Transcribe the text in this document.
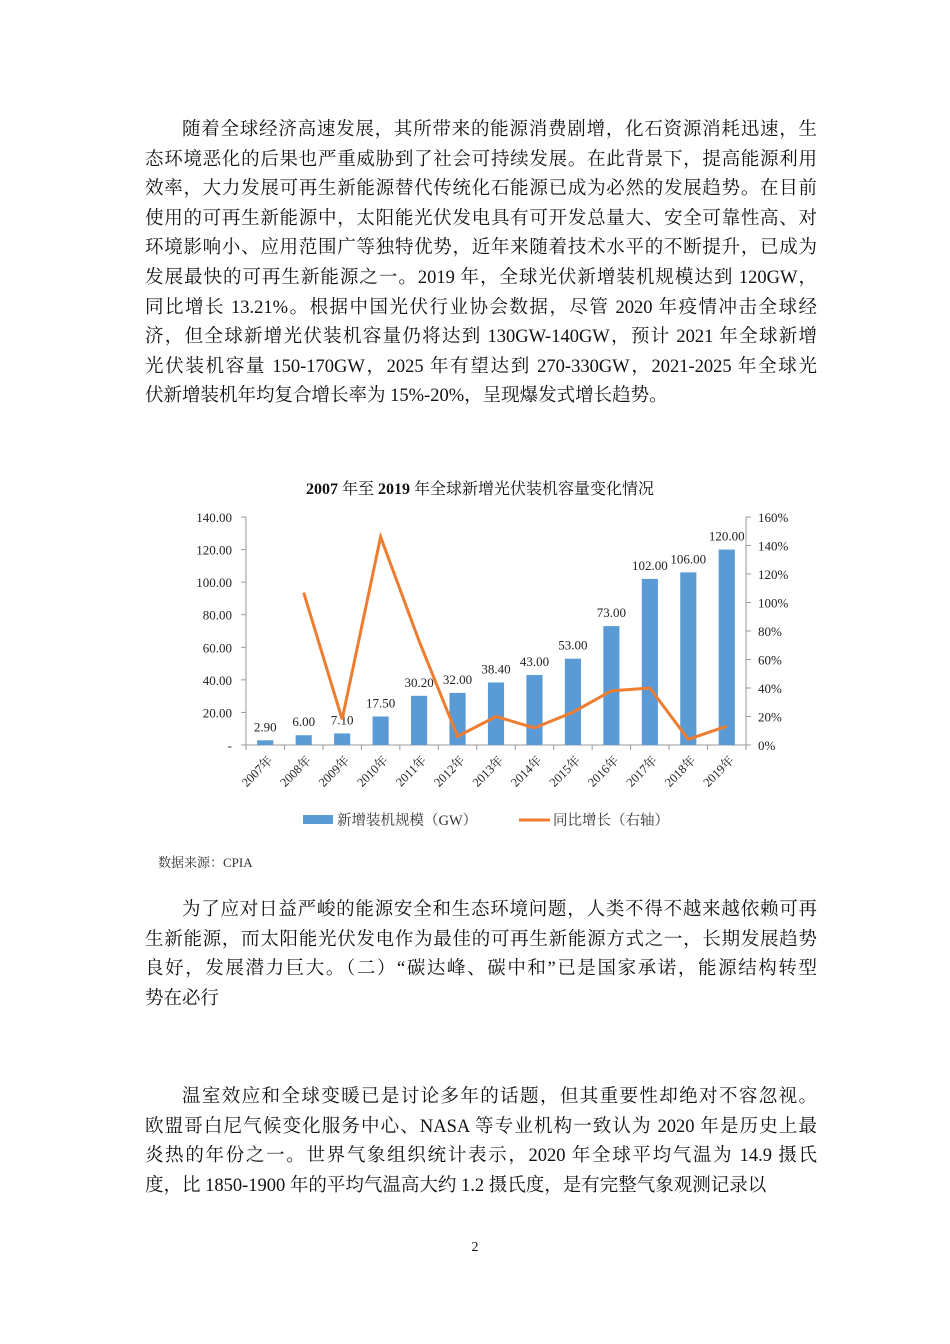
随着全球经济高速发展，其所带来的能源消费剧增，化石资源消耗迅速，生
态环境恶化的后果也严重威胁到了社会可持续发展。在此背景下，提高能源利用
效率，大力发展可再生新能源替代传统化石能源已成为必然的发展趋势。在目前
使用的可再生新能源中，太阳能光伏发电具有可开发总量大、安全可靠性高、对
环境影响小、应用范围广等独特优势，近年来随着技术水平的不断提升，已成为
发展最快的可再生新能源之一。2019 年，全球光伏新增装机规模达到 120GW，
同比增长 13.21%。根据中国光伏行业协会数据，尽管 2020 年疫情冲击全球经
济，但全球新增光伏装机容量仍将达到 130GW-140GW，预计 2021 年全球新增
光伏装机容量 150-170GW，2025 年有望达到 270-330GW，2021-2025 年全球光
伏新增装机年均复合增长率为 15%-20%，呈现爆发式增长趋势。

2007 年至 2019 年全球新增光伏装机容量变化情况
-
20.00
40.00
60.00
80.00
100.00
120.00
140.00
0%
20%
40%
60%
80%
100%
120%
140%
160%
2.90 6.00 7.10
17.50
30.20 32.00
38.40 43.00
53.00
73.00
102.00 106.00
120.00
2007年 2008年 2009年 2010年 2011年 2012年 2013年 2014年 2015年 2016年 2017年 2018年 2019年
新增装机规模（GW）	同比增长（右轴）
数据来源：CPIA

为了应对日益严峻的能源安全和生态环境问题，人类不得不越来越依赖可再
生新能源，而太阳能光伏发电作为最佳的可再生新能源方式之一，长期发展趋势
良好，发展潜力巨大。（二）“碳达峰、碳中和”已是国家承诺，能源结构转型
势在必行

温室效应和全球变暖已是讨论多年的话题，但其重要性却绝对不容忽视。
欧盟哥白尼气候变化服务中心、NASA 等专业机构一致认为 2020 年是历史上最
炎热的年份之一。世界气象组织统计表示，2020 年全球平均气温为 14.9 摄氏
度，比 1850-1900 年的平均气温高大约 1.2 摄氏度，是有完整气象观测记录以

2
